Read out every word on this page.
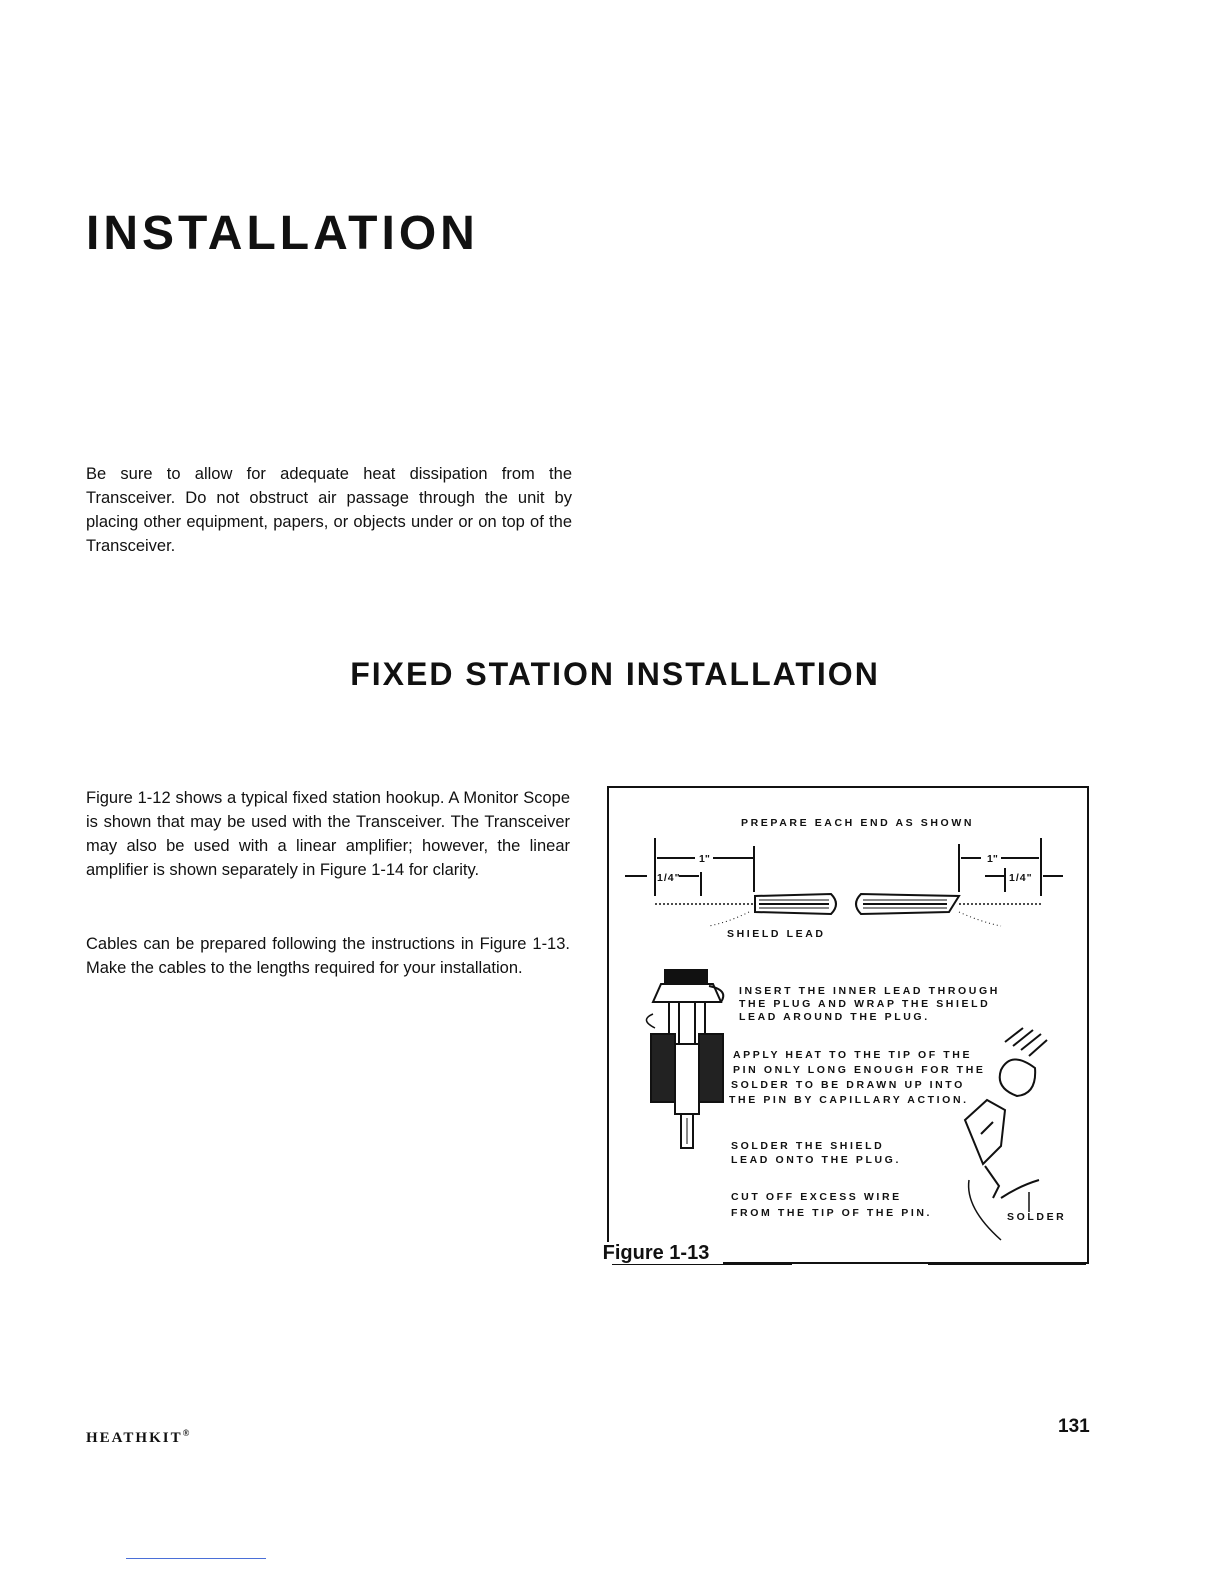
INSTALLATION

Be sure to allow for adequate heat dissipation from the Transceiver. Do not obstruct air passage through the unit by placing other equipment, papers, or objects under or on top of the Transceiver.

FIXED STATION INSTALLATION

Figure 1-12 shows a typical fixed station hookup. A Monitor Scope is shown that may be used with the Transceiver. The Transceiver may also be used with a linear amplifier; however, the linear amplifier is shown separately in Figure 1-14 for clarity.

Cables can be prepared following the instructions in Figure 1-13. Make the cables to the lengths required for your installation.

PREPARE EACH END AS SHOWN
1"
1/4"
1"
1/4"
SHIELD LEAD
INSERT THE INNER LEAD THROUGH
THE PLUG AND WRAP THE SHIELD
LEAD AROUND THE PLUG.
APPLY HEAT TO THE TIP OF THE
PIN ONLY LONG ENOUGH FOR THE
SOLDER TO BE DRAWN UP INTO
THE PIN BY CAPILLARY ACTION.
SOLDER THE SHIELD
LEAD ONTO THE PLUG.
CUT OFF EXCESS WIRE
FROM THE TIP OF THE PIN.	SOLDER
Figure 1-13
HEATHKIT®	131
